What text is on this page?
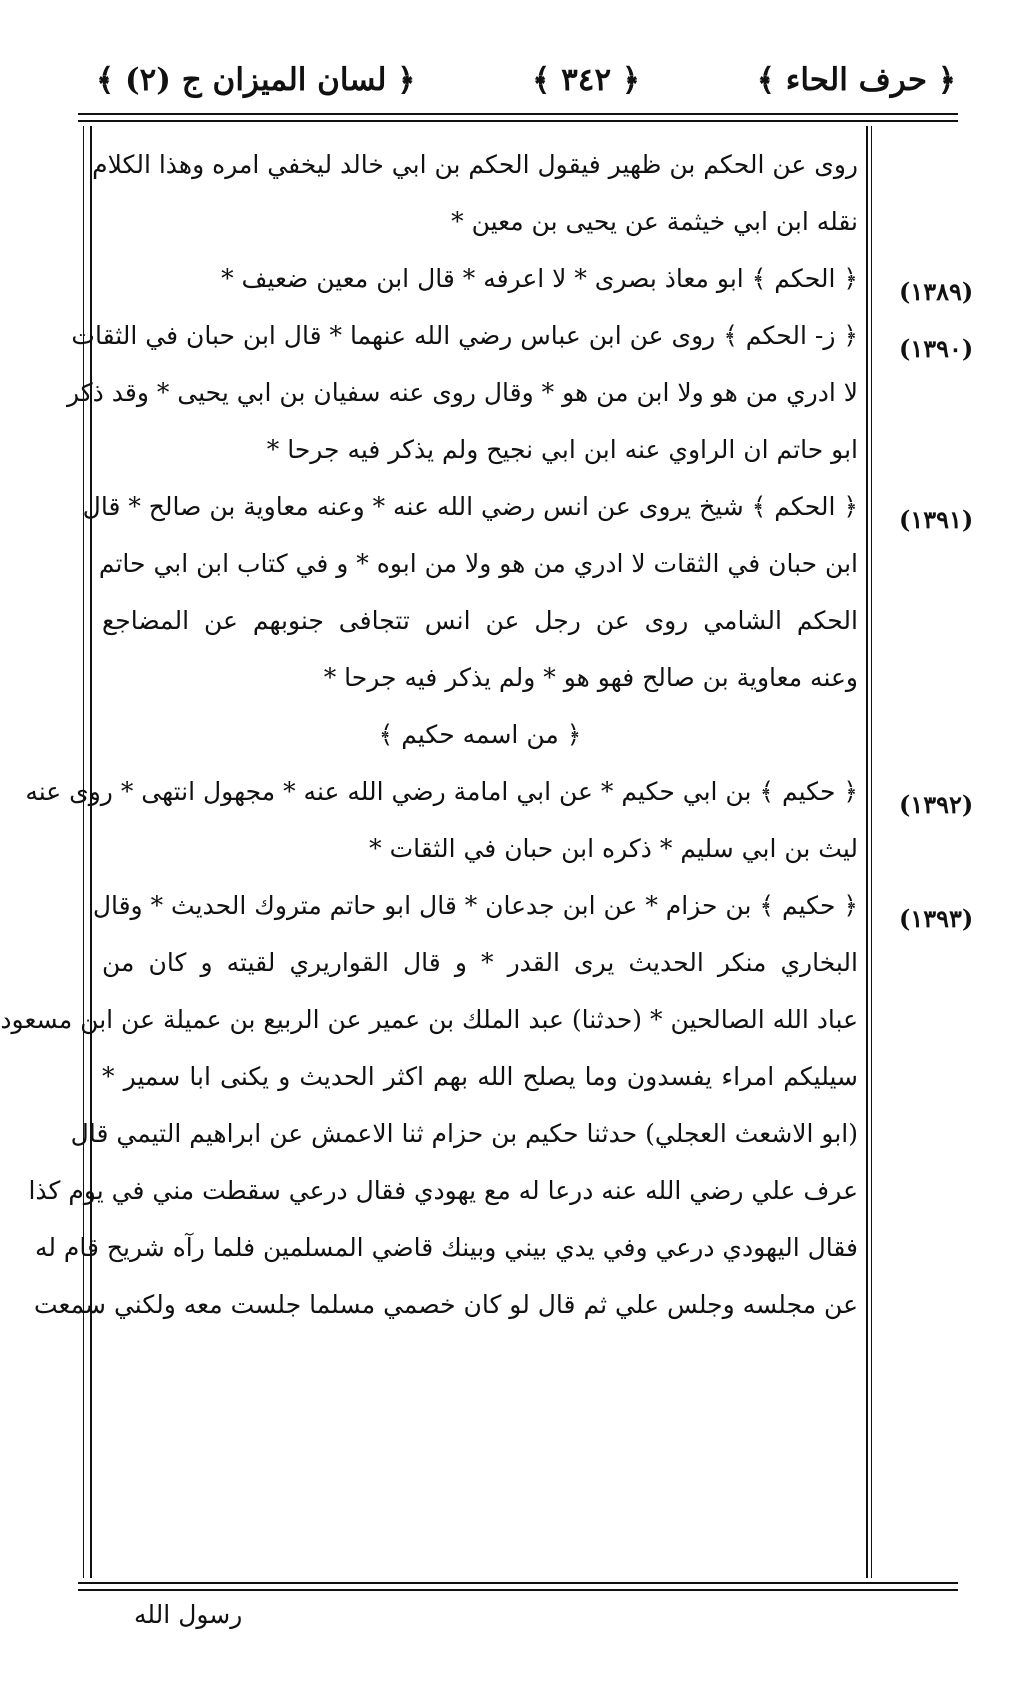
﴿ حرف الحاء ﴾
﴿ ٣٤٢ ﴾
﴿ لسان الميزان ج (٢) ﴾
روى عن الحكم بن ظهير فيقول الحكم بن ابي خالد ليخفي امره وهذا الكلام
نقله ابن ابي خيثمة عن يحيى بن معين *
﴿ الحكم ﴾ ابو معاذ بصرى * لا اعرفه * قال ابن معين ضعيف *
﴿ ز- الحكم ﴾ روى عن ابن عباس رضي الله عنهما * قال ابن حبان في الثقات
لا ادري من هو ولا ابن من هو * وقال روى عنه سفيان بن ابي يحيى * وقد ذكر
ابو حاتم ان الراوي عنه ابن ابي نجيح ولم يذكر فيه جرحا *
﴿ الحكم ﴾ شيخ يروى عن انس رضي الله عنه * وعنه معاوية بن صالح * قال
ابن حبان في الثقات لا ادري من هو ولا من ابوه * و في كتاب ابن ابي حاتم
الحكم الشامي روى عن رجل عن انس تتجافى جنوبهم عن المضاجع
وعنه معاوية بن صالح فهو هو * ولم يذكر فيه جرحا *
﴿ من اسمه حكيم ﴾
﴿ حكيم ﴾ بن ابي حكيم * عن ابي امامة رضي الله عنه * مجهول انتهى * روى عنه
ليث بن ابي سليم * ذكره ابن حبان في الثقات *
﴿ حكيم ﴾ بن حزام * عن ابن جدعان * قال ابو حاتم متروك الحديث * وقال
البخاري منكر الحديث يرى القدر * و قال القواريري لقيته و كان من
عباد الله الصالحين * (حدثنا) عبد الملك بن عمير عن الربيع بن عميلة عن ابن مسعود
سيليكم امراء يفسدون وما يصلح الله بهم اكثر الحديث و يكنى ابا سمير *
(ابو الاشعث العجلي) حدثنا حكيم بن حزام ثنا الاعمش عن ابراهيم التيمي قال
عرف علي رضي الله عنه درعا له مع يهودي فقال درعي سقطت مني في يوم كذا
فقال اليهودي درعي وفي يدي بيني وبينك قاضي المسلمين فلما رآه شريح قام له
عن مجلسه وجلس علي ثم قال لو كان خصمي مسلما جلست معه ولكني سمعت
(١٣٨٩)
(١٣٩٠)
(١٣٩١)
(١٣٩٢)
(١٣٩٣)
رسول الله
